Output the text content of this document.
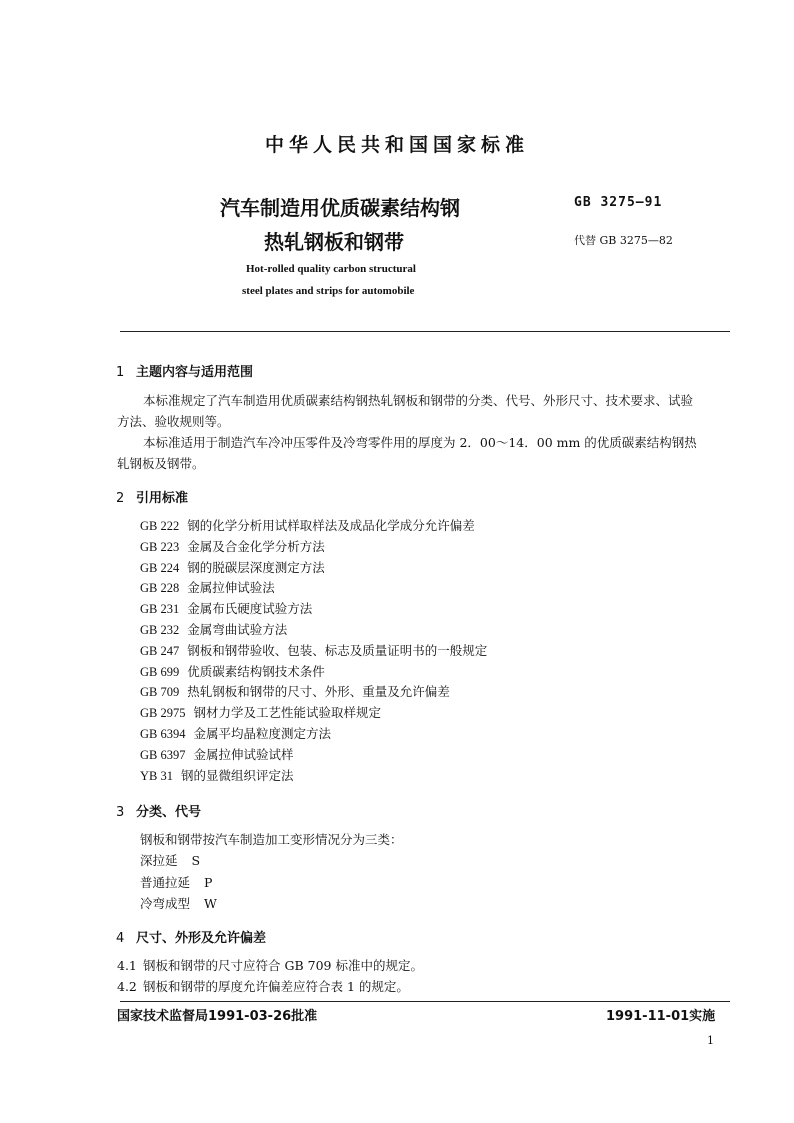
中华人民共和国国家标准
汽车制造用优质碳素结构钢
热轧钢板和钢带
GB 3275—91
代替 GB 3275—82
Hot-rolled quality carbon structural
steel plates and strips for automobile
1 主题内容与适用范围
本标准规定了汽车制造用优质碳素结构钢热轧钢板和钢带的分类、代号、外形尺寸、技术要求、试验
方法、验收规则等。
本标准适用于制造汽车冷冲压零件及冷弯零件用的厚度为 2．00～14．00 mm 的优质碳素结构钢热
轧钢板及钢带。
2 引用标准
GB 222 钢的化学分析用试样取样法及成品化学成分允许偏差
GB 223 金属及合金化学分析方法
GB 224 钢的脱碳层深度测定方法
GB 228 金属拉伸试验法
GB 231 金属布氏硬度试验方法
GB 232 金属弯曲试验方法
GB 247 钢板和钢带验收、包装、标志及质量证明书的一般规定
GB 699 优质碳素结构钢技术条件
GB 709 热轧钢板和钢带的尺寸、外形、重量及允许偏差
GB 2975 钢材力学及工艺性能试验取样规定
GB 6394 金属平均晶粒度测定方法
GB 6397 金属拉伸试验试样
YB 31 钢的显微组织评定法
3 分类、代号
钢板和钢带按汽车制造加工变形情况分为三类：
深拉延 S
普通拉延 P
冷弯成型 W
4 尺寸、外形及允许偏差
4.1 钢板和钢带的尺寸应符合 GB 709 标准中的规定。
4.2 钢板和钢带的厚度允许偏差应符合表 1 的规定。
国家技术监督局1991-03-26批准	1991-11-01实施
1
